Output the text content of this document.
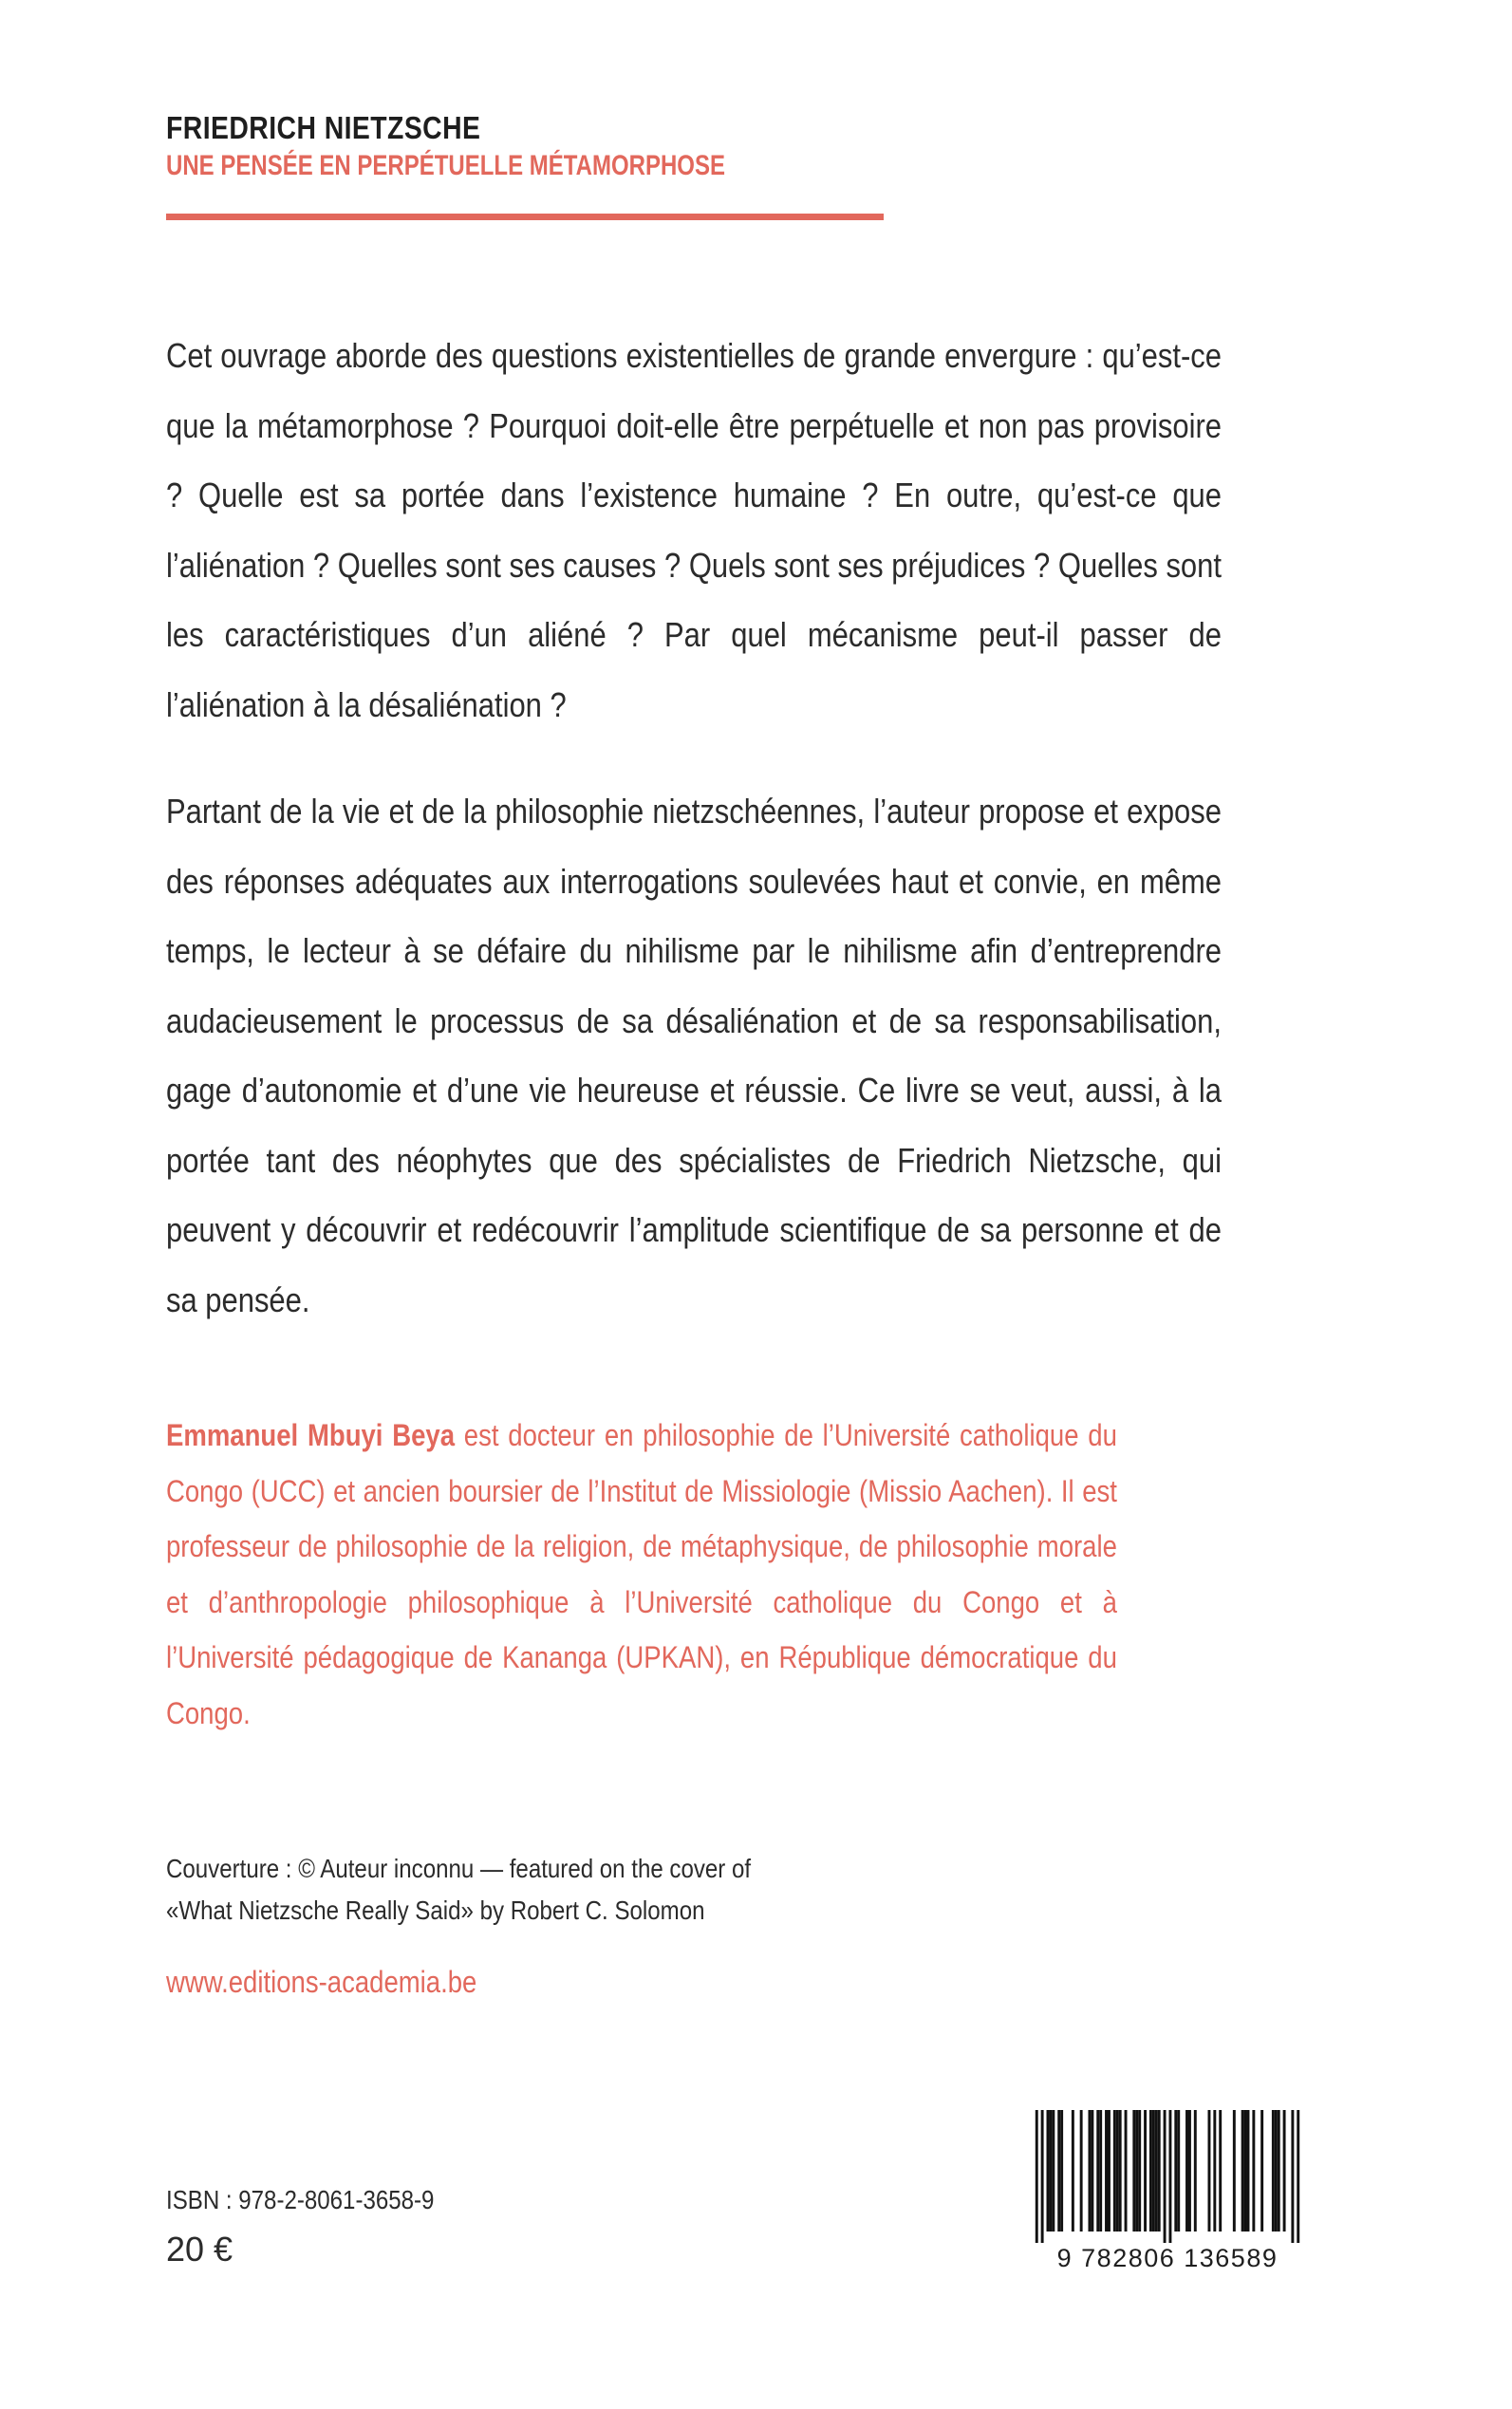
FRIEDRICH NIETZSCHE
UNE PENSÉE EN PERPÉTUELLE MÉTAMORPHOSE
Cet ouvrage aborde des questions existentielles de grande envergure : qu’est-ce que la métamorphose ? Pourquoi doit-elle être perpétuelle et non pas provisoire ? Quelle est sa portée dans l’existence humaine ? En outre, qu’est-ce que l’aliénation ? Quelles sont ses causes ? Quels sont ses préjudices ? Quelles sont les caractéristiques d’un aliéné ? Par quel mécanisme peut-il passer de l’aliénation à la désaliénation ?
Partant de la vie et de la philosophie nietzschéennes, l’auteur propose et expose des réponses adéquates aux interrogations soulevées haut et convie, en même temps, le lecteur à se défaire du nihilisme par le nihilisme afin d’entreprendre audacieusement le processus de sa désaliénation et de sa responsabilisation, gage d’autonomie et d’une vie heureuse et réussie. Ce livre se veut, aussi, à la portée tant des néophytes que des spécialistes de Friedrich Nietzsche, qui peuvent y découvrir et redécouvrir l’amplitude scientifique de sa personne et de sa pensée.
Emmanuel Mbuyi Beya est docteur en philosophie de l’Université catholique du Congo (UCC) et ancien boursier de l’Institut de Missiologie (Missio Aachen). Il est professeur de philosophie de la religion, de métaphysique, de philosophie morale et d’anthropologie philosophique à l’Université catholique du Congo et à l’Université pédagogique de Kananga (UPKAN), en République démocratique du Congo.
Couverture : © Auteur inconnu — featured on the cover of
«What Nietzsche Really Said» by Robert C. Solomon
www.editions-academia.be
ISBN : 978-2-8061-3658-9
20 €	9 782806 136589
